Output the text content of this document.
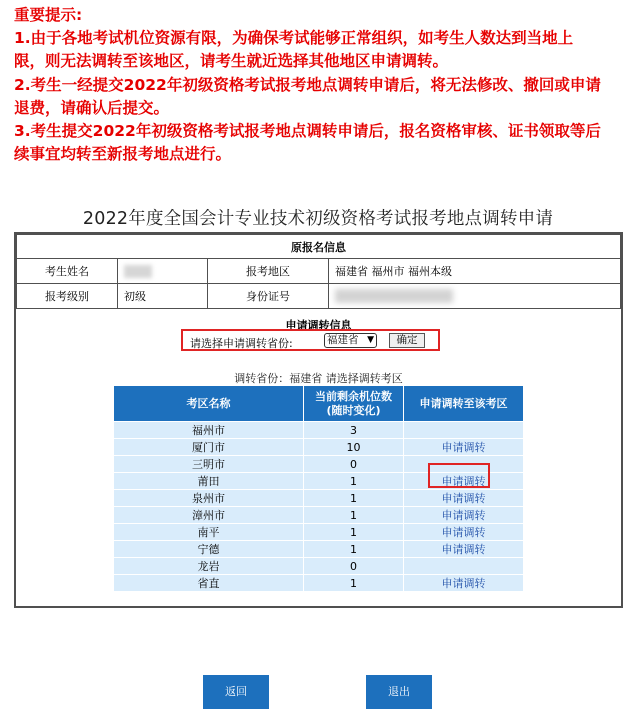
重要提示:
1.由于各地考试机位资源有限，为确保考试能够正常组织，如考生人数达到当地上
限，则无法调转至该地区，请考生就近选择其他地区申请调转。
2.考生一经提交2022年初级资格考试报考地点调转申请后，将无法修改、撤回或申请
退费，请确认后提交。
3.考生提交2022年初级资格考试报考地点调转申请后，报名资格审核、证书领取等后
续事宜均转至新报考地点进行。
2022年度全国会计专业技术初级资格考试报考地点调转申请
原报名信息			
考生姓名		报考地区	福建省 福州市 福州本级
报考级别	初级	身份证号	
申请调转信息
请选择申请调转省份:	福建省 ▼	确定
调转省份：福建省 请选择调转考区
考区名称	当前剩余机位数
(随时变化)	申请调转至该考区
福州市	3	
厦门市	10	申请调转
三明市	0	
莆田	1	申请调转
泉州市	1	申请调转
漳州市	1	申请调转
南平	1	申请调转
宁德	1	申请调转
龙岩	0	
省直	1	申请调转
返回	退出
